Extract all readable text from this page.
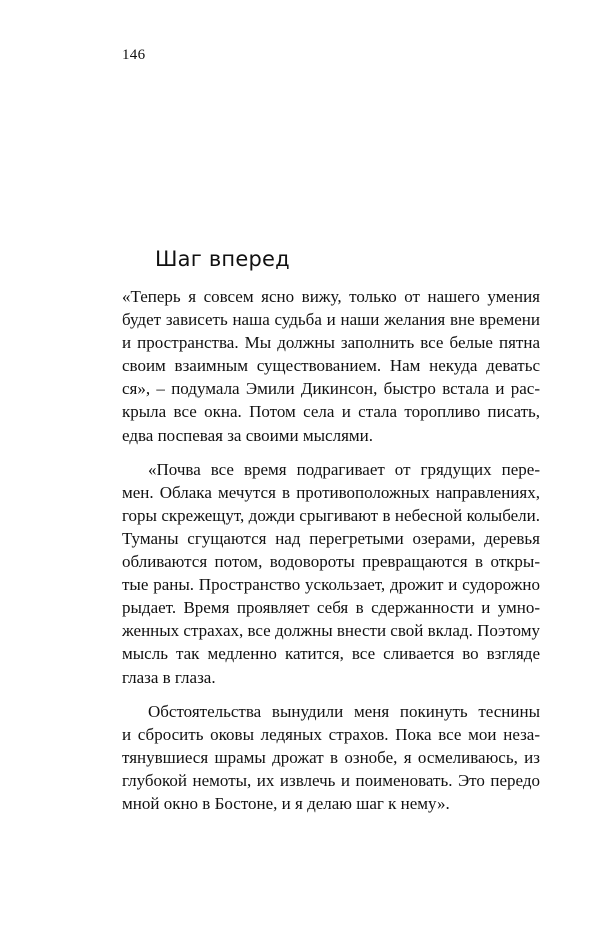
146
Шаг вперед
«Теперь я совсем ясно вижу, только от нашего умения
будет зависеть наша судьба и наши желания вне времени
и пространства. Мы должны заполнить все белые пятна
своим взаимным существованием. Нам некуда деватьс
ся», – подумала Эмили Дикинсон, быстро встала и рас-
крыла все окна. Потом села и стала торопливо писать,
едва поспевая за своими мыслями.
«Почва все время подрагивает от грядущих пере-
мен. Облака мечутся в противоположных направлениях,
горы скрежещут, дожди срыгивают в небесной колыбели.
Туманы сгущаются над перегретыми озерами, деревья
обливаются потом, водовороты превращаются в откры-
тые раны. Пространство ускользает, дрожит и судорожно
рыдает. Время проявляет себя в сдержанности и умно-
женных страхах, все должны внести свой вклад. Поэтому
мысль так медленно катится, все сливается во взгляде
глаза в глаза.
Обстоятельства вынудили меня покинуть теснины
и сбросить оковы ледяных страхов. Пока все мои неза-
тянувшиеся шрамы дрожат в ознобе, я осмеливаюсь, из
глубокой немоты, их извлечь и поименовать. Это передо
мной окно в Бостоне, и я делаю шаг к нему».
